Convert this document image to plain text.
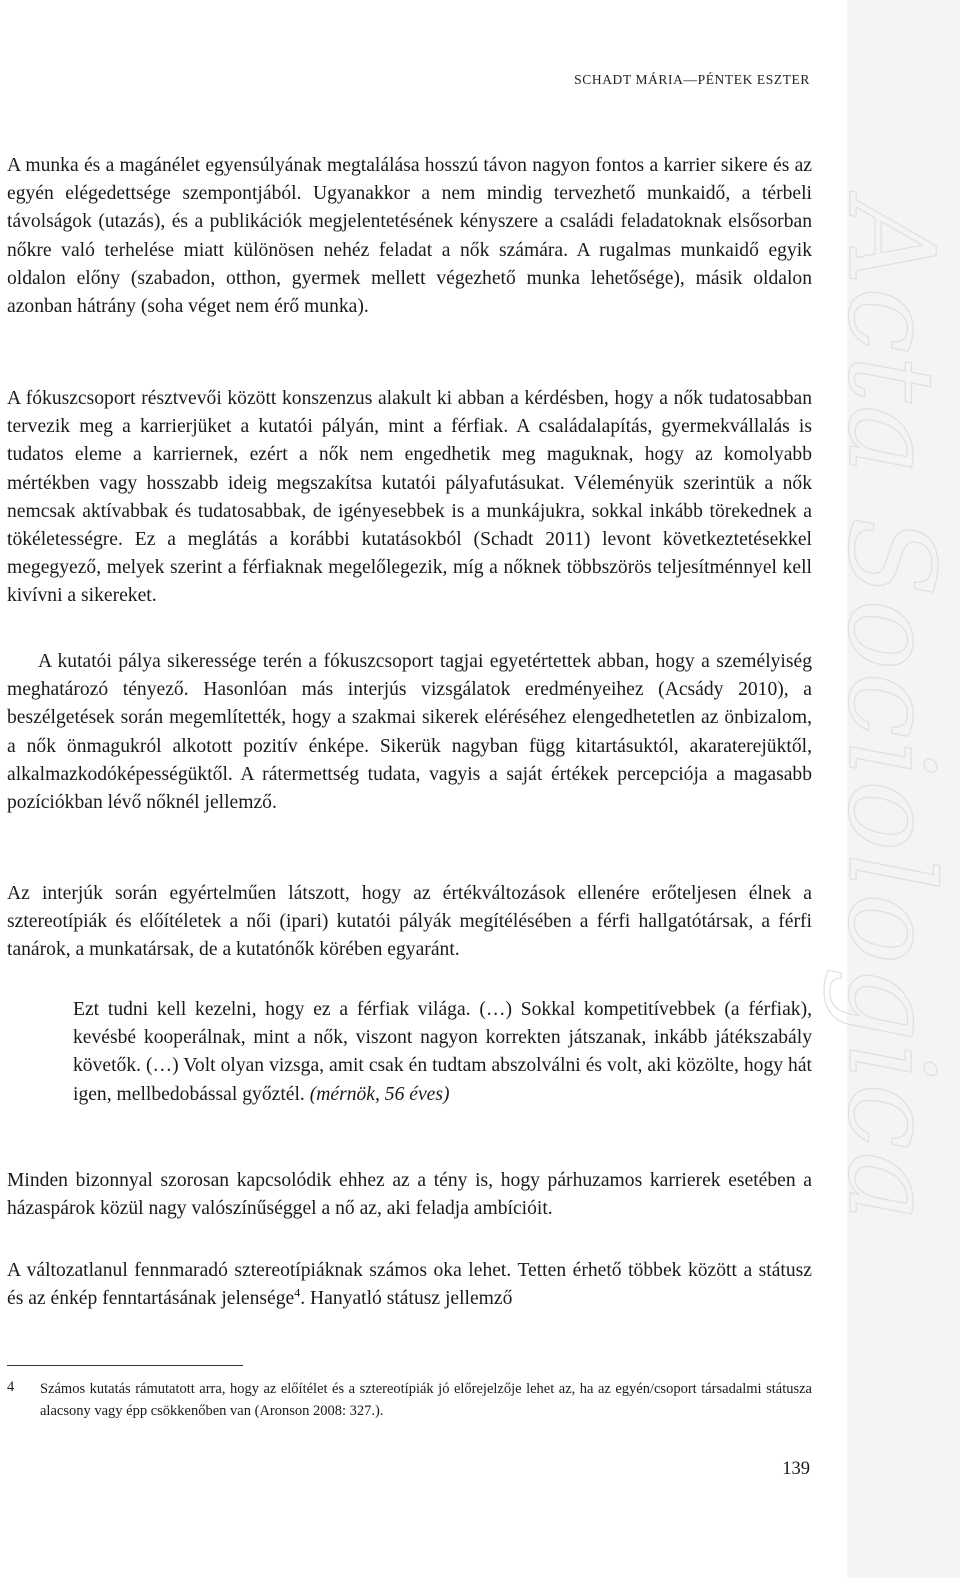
Acta Sociologica
SCHADT MÁRIA—PÉNTEK ESZTER

A munka és a magánélet egyensúlyának megtalálása hosszú távon nagyon fontos a karrier sikere és az egyén elégedettsége szempontjából. Ugyanakkor a nem mindig tervezhető munkaidő, a térbeli távolságok (utazás), és a publikációk megjelentetésének kényszere a családi feladatoknak elsősorban nőkre való terhelése miatt különösen nehéz feladat a nők számára. A rugalmas munkaidő egyik oldalon előny (szabadon, otthon, gyermek mellett végezhető munka lehetősége), másik oldalon azonban hátrány (soha véget nem érő munka).

A fókuszcsoport résztvevői között konszenzus alakult ki abban a kérdésben, hogy a nők tudatosabban tervezik meg a karrierjüket a kutatói pályán, mint a férfiak. A családalapítás, gyermekvállalás is tudatos eleme a karriernek, ezért a nők nem engedhetik meg maguknak, hogy az komolyabb mértékben vagy hosszabb ideig megszakítsa kutatói pályafutásukat. Véleményük szerintük a nők nemcsak aktívabbak és tudatosabbak, de igényesebbek is a munkájukra, sokkal inkább törekednek a tökéletességre. Ez a meglátás a korábbi kutatásokból (Schadt 2011) levont következtetésekkel megegyező, melyek szerint a férfiaknak megelőlegezik, míg a nőknek többszörös teljesítménnyel kell kivívni a sikereket.

A kutatói pálya sikeressége terén a fókuszcsoport tagjai egyetértettek abban, hogy a személyiség meghatározó tényező. Hasonlóan más interjús vizsgálatok eredményeihez (Acsády 2010), a beszélgetések során megemlítették, hogy a szakmai sikerek eléréséhez elengedhetetlen az önbizalom, a nők önmagukról alkotott pozitív énképe. Sikerük nagyban függ kitartásuktól, akaraterejüktől, alkalmazkodóképességüktől. A rátermettség tudata, vagyis a saját értékek percepciója a magasabb pozíciókban lévő nőknél jellemző.

Az interjúk során egyértelműen látszott, hogy az értékváltozások ellenére erőteljesen élnek a sztereotípiák és előítéletek a női (ipari) kutatói pályák megítélésében a férfi hallgatótársak, a férfi tanárok, a munkatársak, de a kutatónők körében egyaránt.

Ezt tudni kell kezelni, hogy ez a férfiak világa. (…) Sokkal kompetitívebbek (a férfiak), kevésbé kooperálnak, mint a nők, viszont nagyon korrekten játszanak, inkább játékszabály követők. (…) Volt olyan vizsga, amit csak én tudtam abszolválni és volt, aki közölte, hogy hát igen, mellbedobással győztél. (mérnök, 56 éves)

Minden bizonnyal szorosan kapcsolódik ehhez az a tény is, hogy párhuzamos karrierek esetében a házaspárok közül nagy valószínűséggel a nő az, aki feladja ambícióit.

A változatlanul fennmaradó sztereotípiáknak számos oka lehet. Tetten érhető többek között a státusz és az énkép fenntartásának jelensége$^4$. Hanyatló státusz jellemző

4 Számos kutatás rámutatott arra, hogy az előítélet és a sztereotípiák jó előrejelzője lehet az, ha az egyén/csoport társadalmi státusza alacsony vagy épp csökkenőben van (Aronson 2008: 327.).

139
